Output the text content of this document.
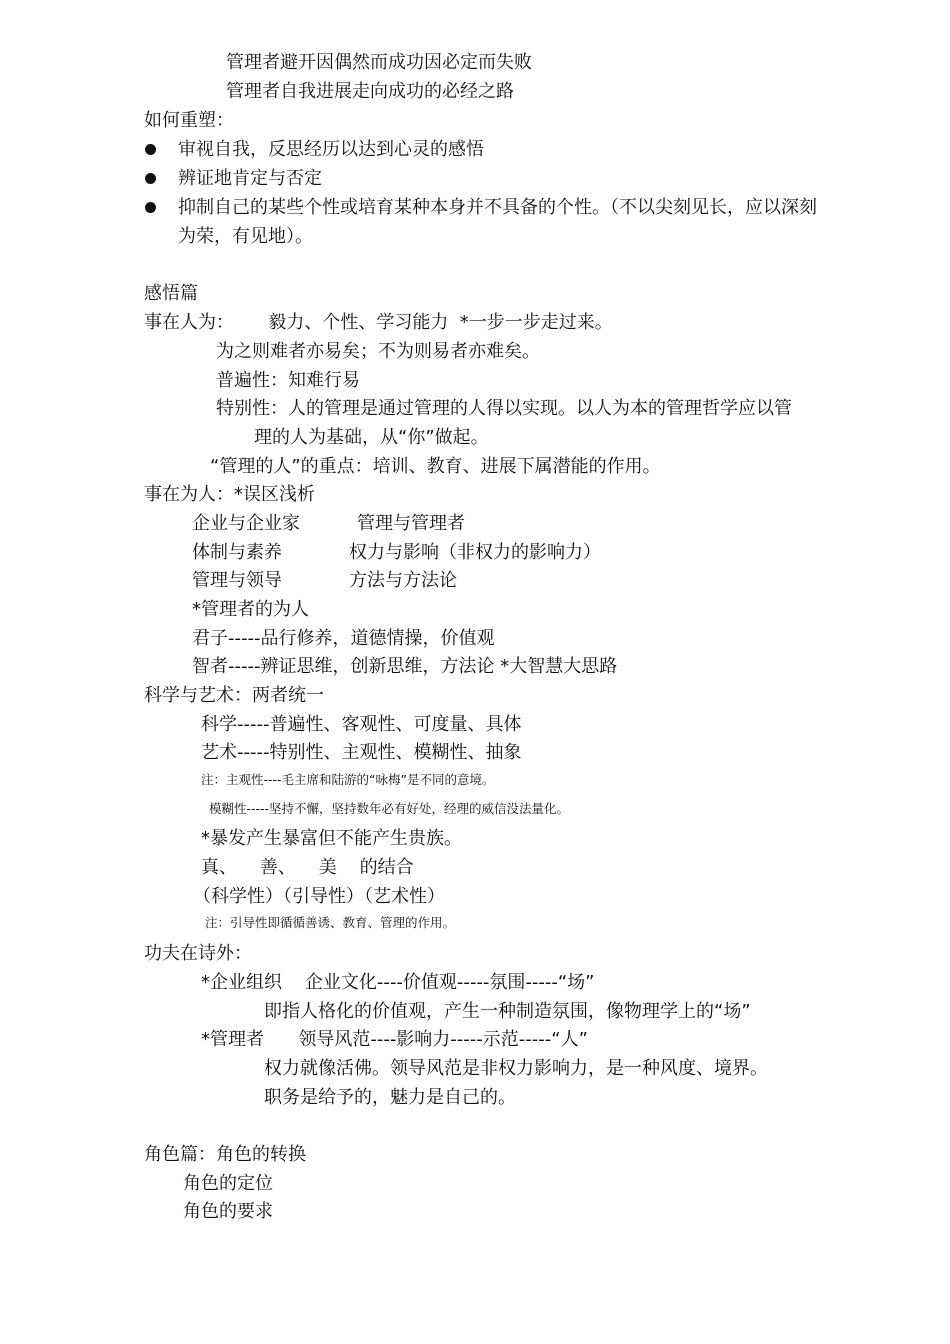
管理者避开因偶然而成功因必定而失败
管理者自我进展走向成功的必经之路
如何重塑：
审视自我，反思经历以达到心灵的感悟
辨证地肯定与否定
抑制自己的某些个性或培育某种本身并不具备的个性。（不以尖刻见长，应以深刻
为荣，有见地）。
感悟篇
事在人为：      毅力、个性、学习能力  *一步一步走过来。
为之则难者亦易矣；不为则易者亦难矣。
普遍性：知难行易
特别性：人的管理是通过管理的人得以实现。以人为本的管理哲学应以管
理的人为基础，从“你”做起。
“管理的人”的重点：培训、教育、进展下属潜能的作用。
事在为人：*误区浅析
企业与企业家	管理与管理者
体制与素养	权力与影响（非权力的影响力）
管理与领导	方法与方法论
*管理者的为人
君子-----品行修养，道德情操，价值观
智者-----辨证思维，创新思维，方法论 *大智慧大思路
科学与艺术：两者统一
科学-----普遍性、客观性、可度量、具体
艺术-----特别性、主观性、模糊性、抽象
注：主观性----毛主席和陆游的“咏梅”是不同的意境。
模糊性-----坚持不懈，坚持数年必有好处，经理的威信没法量化。
*暴发产生暴富但不能产生贵族。
真、    善、    美    的结合
（科学性）（引导性）（艺术性）
注：引导性即循循善诱、教育、管理的作用。
功夫在诗外：
*企业组织    企业文化----价值观-----氛围-----“场”
即指人格化的价值观，产生一种制造氛围，像物理学上的“场”
*管理者      领导风范----影响力-----示范-----“人”
权力就像活佛。领导风范是非权力影响力，是一种风度、境界。
职务是给予的，魅力是自己的。
角色篇：角色的转换
角色的定位
角色的要求
